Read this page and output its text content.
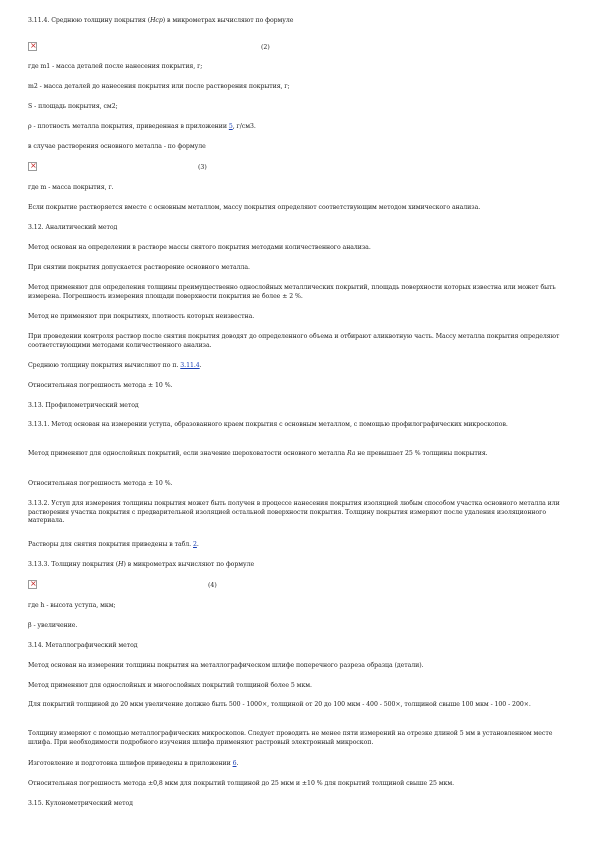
3.11.4. Среднюю толщину покрытия (Нср) в микрометрах вычисляют по формуле
×
(2)
где m1 - масса деталей после нанесения покрытия, г;
m2 - масса деталей до нанесения покрытия или после растворения покрытия, г;
S - площадь покрытия, см2;
ρ - плотность металла покрытия, приведенная в приложении 5, г/см3.
в случае растворения основного металла - по формуле
×
(3)
где m - масса покрытия, г.
Если покрытие растворяется вместе с основным металлом, массу покрытия определяют соответствующим методом химического анализа.
3.12. Аналитический метод
Метод основан на определении в растворе массы снятого покрытия методами количественного анализа.
При снятии покрытия допускается растворение основного металла.
Метод применяют для определения толщины преимущественно однослойных металлических покрытий, площадь поверхности которых известна или может быть измерена. Погрешность измерения площади поверхности покрытия не более ± 2 %.
Метод не применяют при покрытиях, плотность которых неизвестна.
При проведении контроля раствор после снятия покрытия доводят до определенного объема и отбирают аликвотную часть. Массу металла покрытия определяют соответствующими методами количественного анализа.
Среднюю толщину покрытия вычисляют по п. 3.11.4.
Относительная погрешность метода ± 10 %.
3.13. Профилометрический метод
3.13.1. Метод основан на измерении уступа, образованного краем покрытия с основным металлом, с помощью профилографических микроскопов.
Метод применяют для однослойных покрытий, если значение шероховатости основного металла Ra не превышает 25 % толщины покрытия.
Относительная погрешность метода ± 10 %.
3.13.2. Уступ для измерения толщины покрытия может быть получен в процессе нанесения покрытия изоляцией любым способом участка основного металла или растворения участка покрытия с предварительной изоляцией остальной поверхности покрытия. Толщину покрытия измеряют после удаления изоляционного материала.
Растворы для снятия покрытия приведены в табл. 2.
3.13.3. Толщину покрытия (H) в микрометрах вычисляют по формуле
×
(4)
где h - высота уступа, мкм;
β - увеличение.
3.14. Металлографический метод
Метод основан на измерении толщины покрытия на металлографическом шлифе поперечного разреза образца (детали).
Метод применяют для однослойных и многослойных покрытий толщиной более 5 мкм.
Для покрытий толщиной до 20 мкм увеличение должно быть 500 - 1000×, толщиной от 20 до 100 мкм - 400 - 500×, толщиной свыше 100 мкм - 100 - 200×.
Толщину измеряют с помощью металлографических микроскопов. Следует проводить не менее пяти измерений на отрезке длиной 5 мм в установленном месте шлифа. При необходимости подробного изучения шлифа применяют растровый электронный микроскоп.
Изготовление и подготовка шлифов приведены в приложении 6.
Относительная погрешность метода ±0,8 мкм для покрытий толщиной до 25 мкм и ±10 % для покрытий толщиной свыше 25 мкм.
3.15. Кулонометрический метод
